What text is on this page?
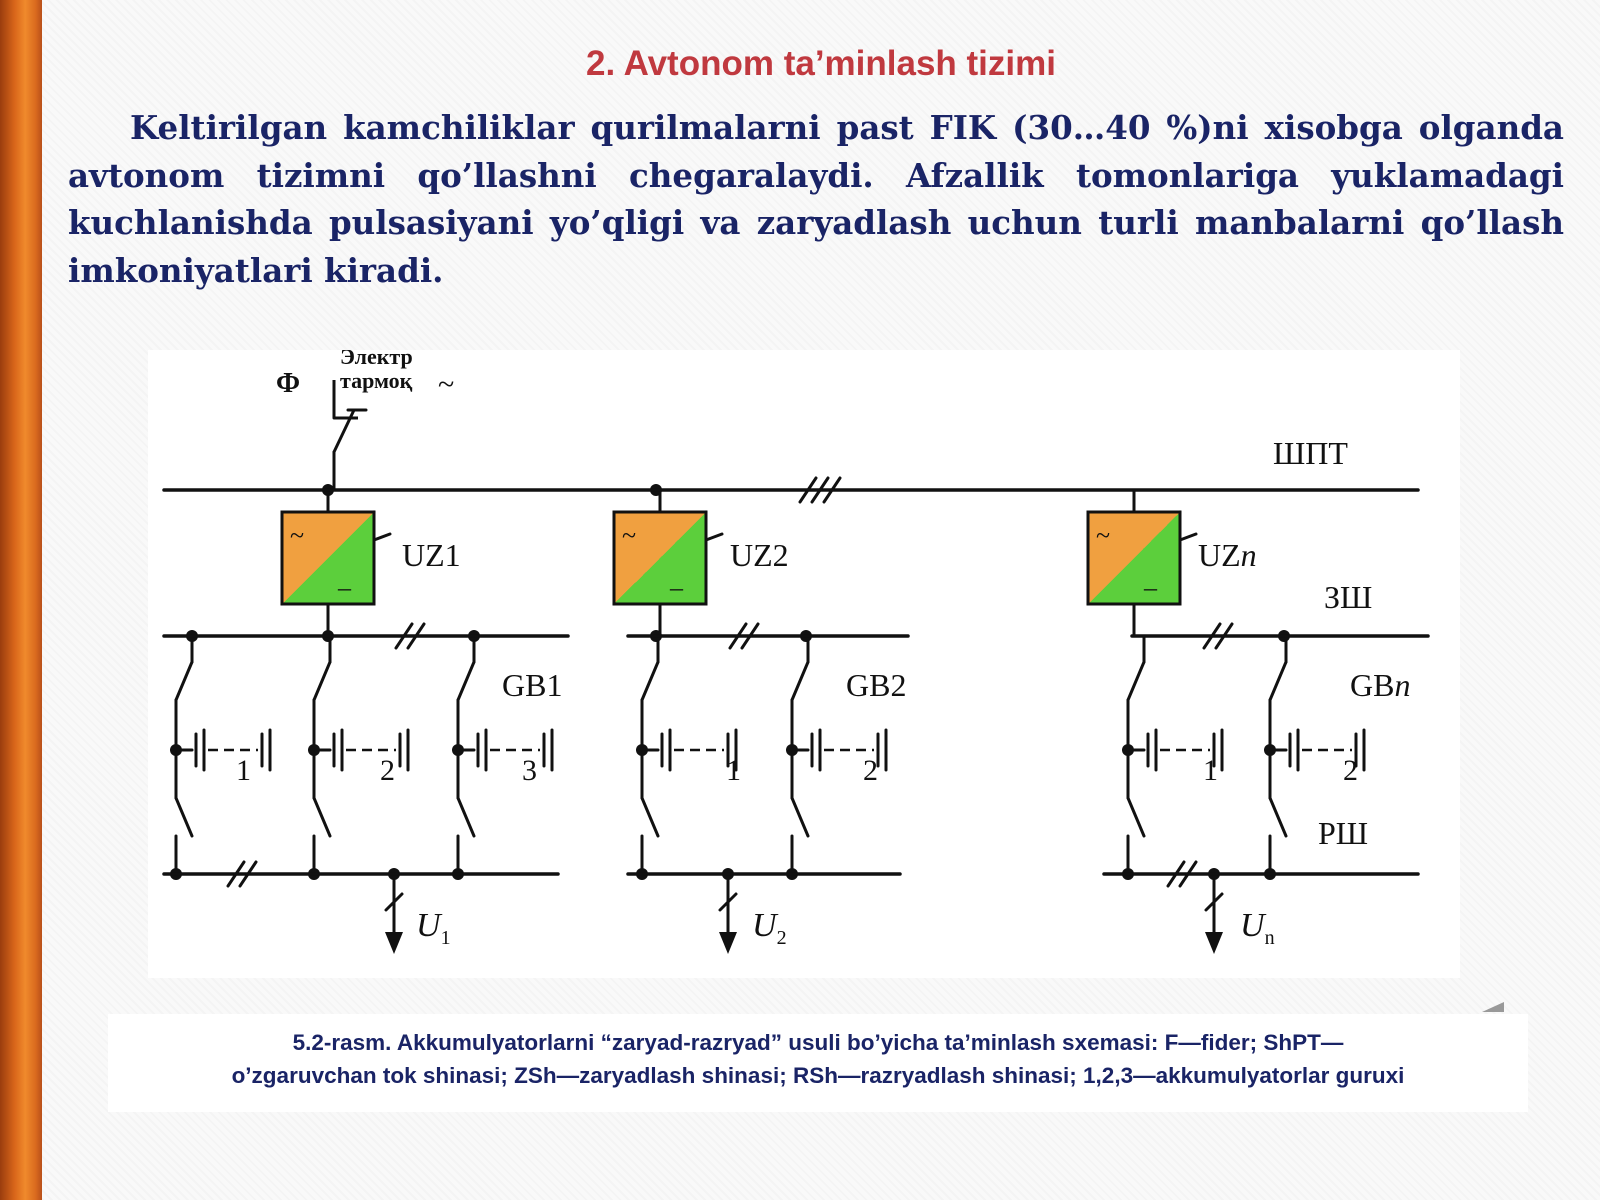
2. Avtonom ta’minlash tizimi

Keltirilgan kamchiliklar qurilmalarni past FIK (30…40 %)ni xisobga olganda avtonom tizimni qo’llashni chegaralaydi. Afzallik tomonlariga yuklamadagi kuchlanishda pulsasiyani yo’qligi va zaryadlash uchun turli manbalarni qo’llash imkoniyatlari kiradi.

Ф
Электр
тармоқ ~
ШПТ
ЗШ
РШ
UZ1	UZ2	UZn
GB1	GB2	GBn
$U_1$	$U_2$	$U_n$
1	2	3	1	2	1	2
~
–
~
–
~
–

5.2-rasm. Akkumulyatorlarni “zaryad-razryad” usuli bo’yicha ta’minlash sxemasi: F—fider; ShPT—
o’zgaruvchan tok shinasi; ZSh—zaryadlash shinasi; RSh—razryadlash shinasi; 1,2,3—akkumulyatorlar guruxi
